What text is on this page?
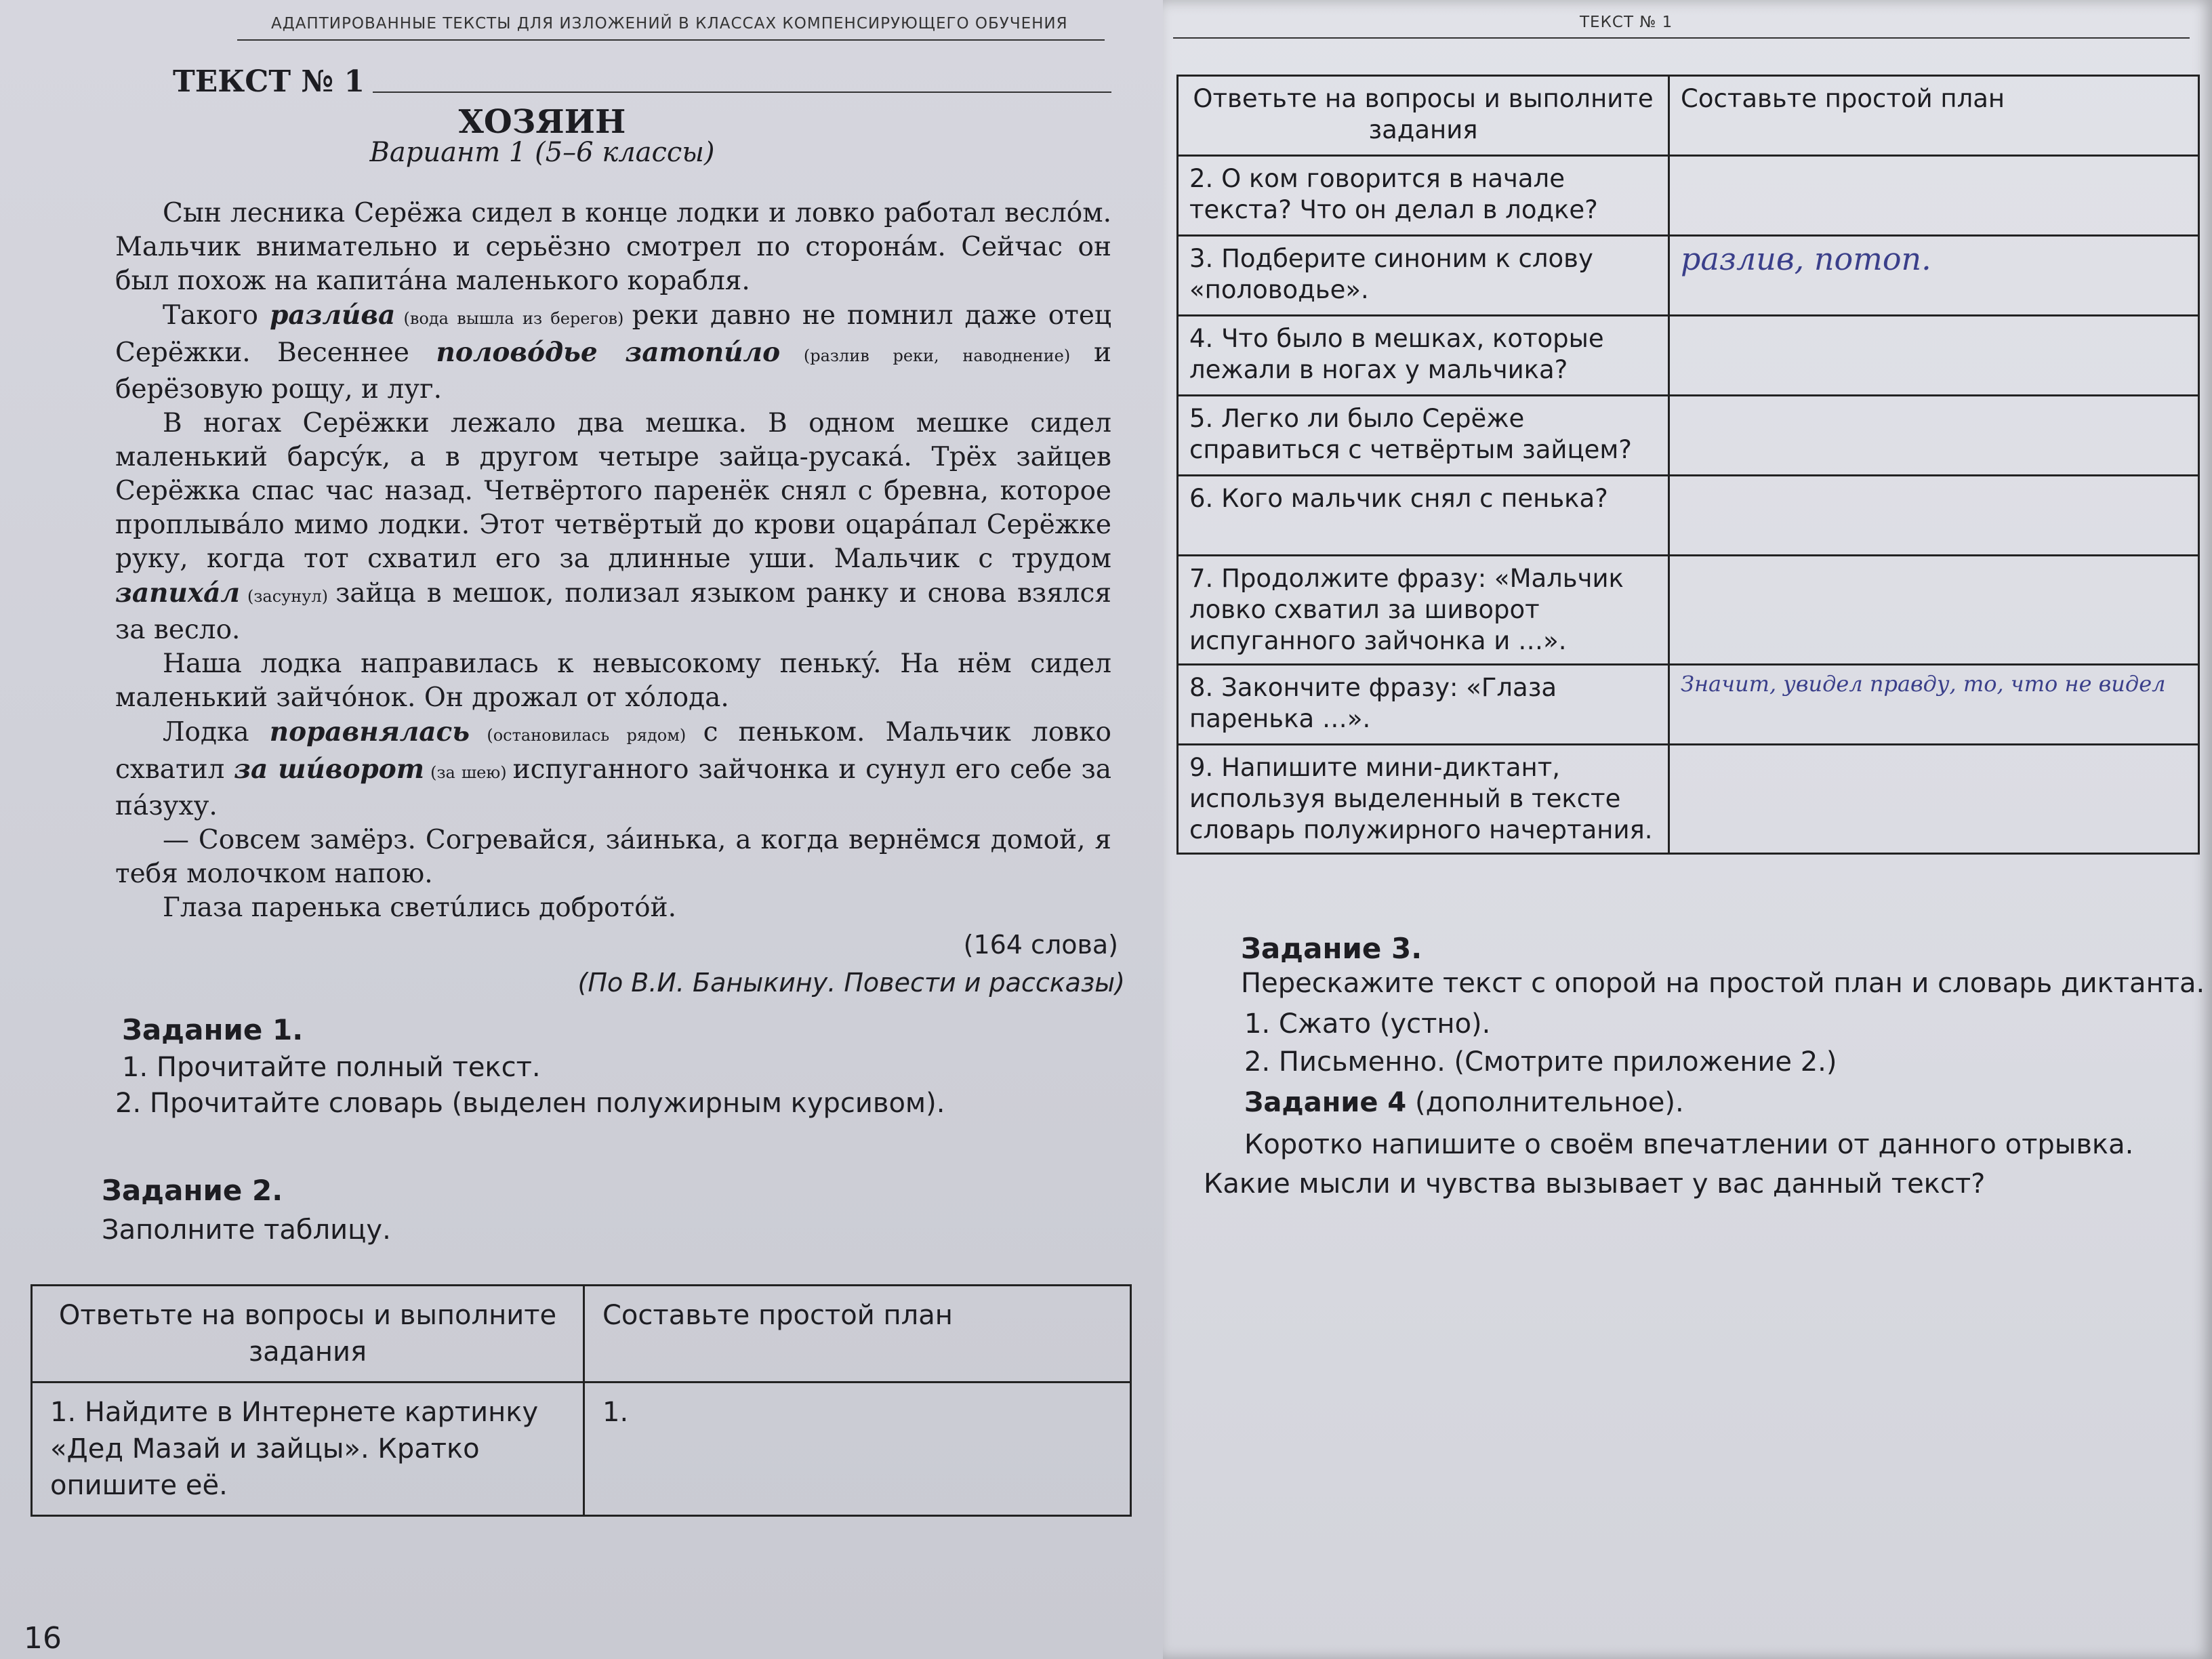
АДАПТИРОВАННЫЕ ТЕКСТЫ ДЛЯ ИЗЛОЖЕНИЙ В КЛАССАХ КОМПЕНСИРУЮЩЕГО ОБУЧЕНИЯ
ТЕКСТ № 1
ХОЗЯИН
Вариант 1 (5–6 классы)

Сын лесника Серёжа сидел в конце лодки и ловко работал веслóм. Мальчик внимательно и серьёзно смотрел по сторонáм. Сейчас он был похож на капитáна маленького корабля.

Такого разлúва (вода вышла из берегов) реки давно не помнил даже отец Серёжки. Весеннее половóдье затопúло (разлив реки, наводнение) и берёзовую рощу, и луг.

В ногах Серёжки лежало два мешка. В одном мешке сидел маленький барсýк, а в другом четыре зайца-русакá. Трёх зайцев Серёжка спас час назад. Четвёртого паренёк снял с бревна, которое проплывáло мимо лодки. Этот четвёртый до крови оцарáпал Серёжке руку, когда тот схватил его за длинные уши. Мальчик с трудом запихáл (засунул) зайца в мешок, полизал языком ранку и снова взялся за весло.

Наша лодка направилась к невысокому пенькý. На нём сидел маленький зайчóнок. Он дрожал от хóлода.

Лодка поравнялась (остановилась рядом) с пеньком. Мальчик ловко схватил за шúворот (за шею) испуганного зайчонка и сунул его себе за пáзуху.

— Совсем замёрз. Согревайся, зáинька, а когда вернёмся домой, я тебя молочком напою.

Глаза паренька светúлись добротóй.

(164 слова)
(По В.И. Баныкину. Повести и рассказы)
Задание 1.
1. Прочитайте полный текст.
2. Прочитайте словарь (выделен полужирным курсивом).
Задание 2.
Заполните таблицу.
Ответьте на вопросы и выполните задания	Составьте простой план
1. Найдите в Интернете картинку «Дед Мазай и зайцы». Кратко опишите её.	1.
16
ТЕКСТ № 1
Ответьте на вопросы и выполните задания	Составьте простой план
2. О ком говорится в начале текста? Что он делал в лодке?	
3. Подберите синоним к слову «половодье».	разлив, потоп.
4. Что было в мешках, которые лежали в ногах у мальчика?	
5. Легко ли было Серёже справиться с четвёртым зайцем?	
6. Кого мальчик снял с пенька?	
7. Продолжите фразу: «Мальчик ловко схватил за шиворот испуганного зайчонка и …».	
8. Закончите фразу: «Глаза паренька …».	Значит, увидел правду, то, что не видел
9. Напишите мини-диктант, используя выделенный в тексте словарь полужирного начертания.	
Задание 3.
Перескажите текст с опорой на простой план и словарь диктанта.
1. Сжато (устно).
2. Письменно. (Смотрите приложение 2.)
Задание 4 (дополнительное).
Коротко напишите о своём впечатлении от данного отрывка. Какие мысли и чувства вызывает у вас данный текст?
